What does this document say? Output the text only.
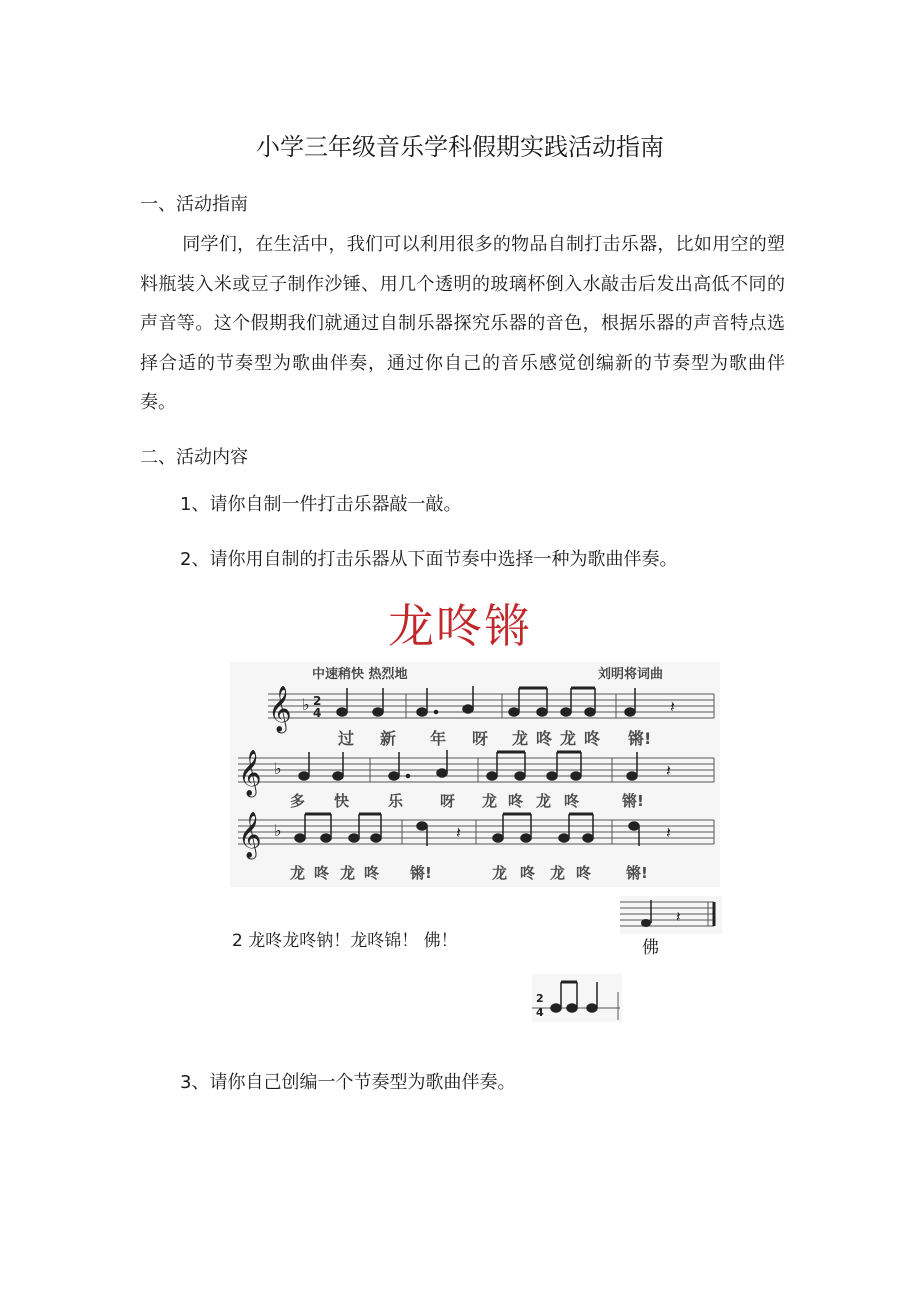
小学三年级音乐学科假期实践活动指南
一、活动指南
同学们，在生活中，我们可以利用很多的物品自制打击乐器，比如用空的塑料瓶装入米或豆子制作沙锤、用几个透明的玻璃杯倒入水敲击后发出高低不同的声音等。这个假期我们就通过自制乐器探究乐器的音色，根据乐器的声音特点选择合适的节奏型为歌曲伴奏，通过你自己的音乐感觉创编新的节奏型为歌曲伴奏。
二、活动内容
1、请你自制一件打击乐器敲一敲。
2、请你用自制的打击乐器从下面节奏中选择一种为歌曲伴奏。
龙咚锵
中速稍快 热烈地	刘明将词曲
𝄞 ♭ 2
4	𝄽
过 新 年 呀 龙 咚 龙 咚 锵!
𝄞 ♭	𝄽
多 快	乐 呀 龙 咚 龙 咚	锵!
𝄞 ♭	𝄽	𝄽
龙 咚 龙 咚 锵!	龙 咚 龙 咚 锵!
2 龙咚龙咚钠！龙咚锦！ 佛！
𝄽
佛
2
4
3、请你自己创编一个节奏型为歌曲伴奏。
